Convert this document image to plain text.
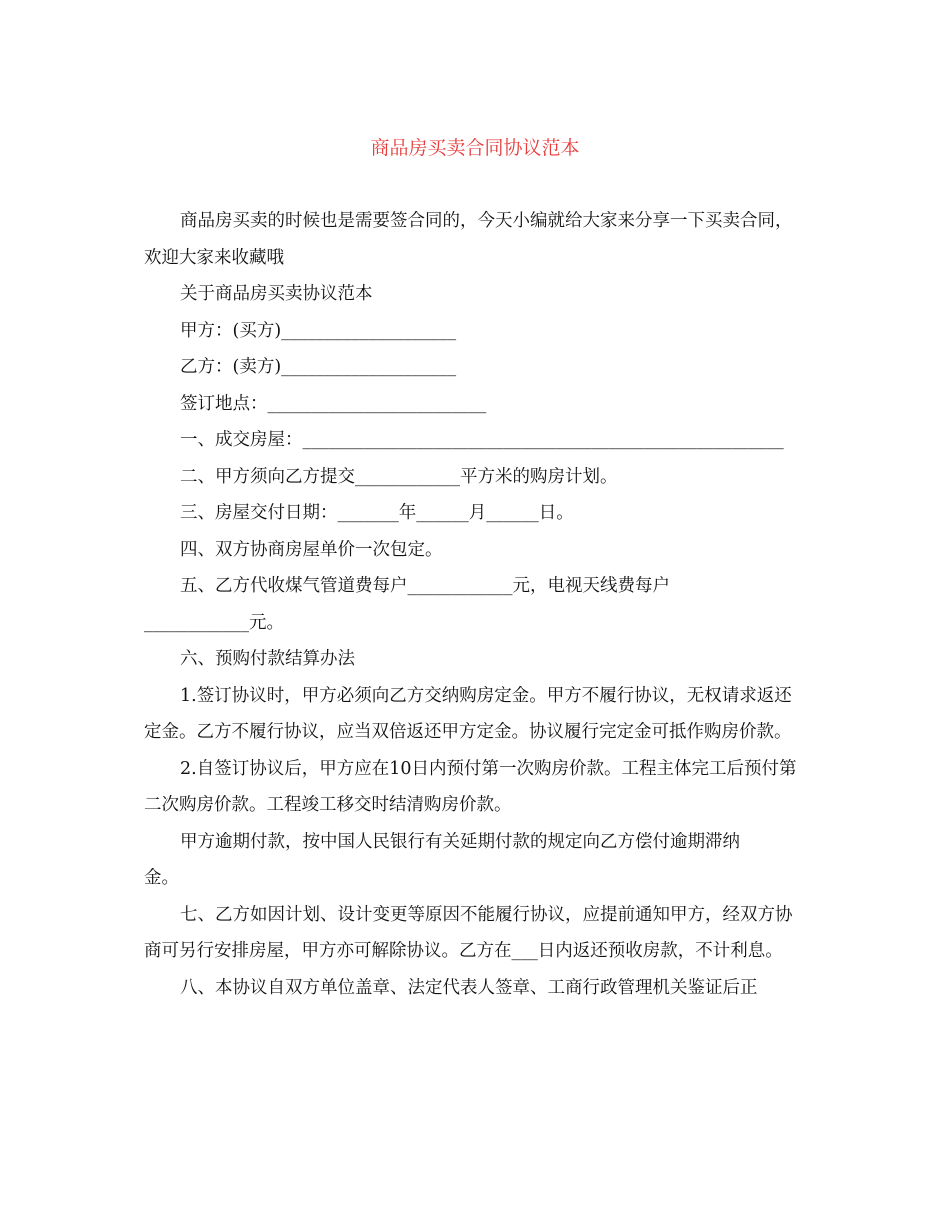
商品房买卖合同协议范本

商品房买卖的时候也是需要签合同的，今天小编就给大家来分享一下买卖合同，欢迎大家来收藏哦

关于商品房买卖协议范本

甲方：(买方)____________________

乙方：(卖方)____________________

签订地点：_________________________

一、成交房屋：_______________________________________________________

二、甲方须向乙方提交____________平方米的购房计划。

三、房屋交付日期：_______年______月______日。

四、双方协商房屋单价一次包定。

五、乙方代收煤气管道费每户____________元，电视天线费每户

____________元。

六、预购付款结算办法

1.签订协议时，甲方必须向乙方交纳购房定金。甲方不履行协议，无权请求返还定金。乙方不履行协议，应当双倍返还甲方定金。协议履行完定金可抵作购房价款。

2.自签订协议后，甲方应在10日内预付第一次购房价款。工程主体完工后预付第二次购房价款。工程竣工移交时结清购房价款。

甲方逾期付款，按中国人民银行有关延期付款的规定向乙方偿付逾期滞纳

金。

七、乙方如因计划、设计变更等原因不能履行协议，应提前通知甲方，经双方协商可另行安排房屋，甲方亦可解除协议。乙方在___日内返还预收房款，不计利息。

八、本协议自双方单位盖章、法定代表人签章、工商行政管理机关鉴证后正
